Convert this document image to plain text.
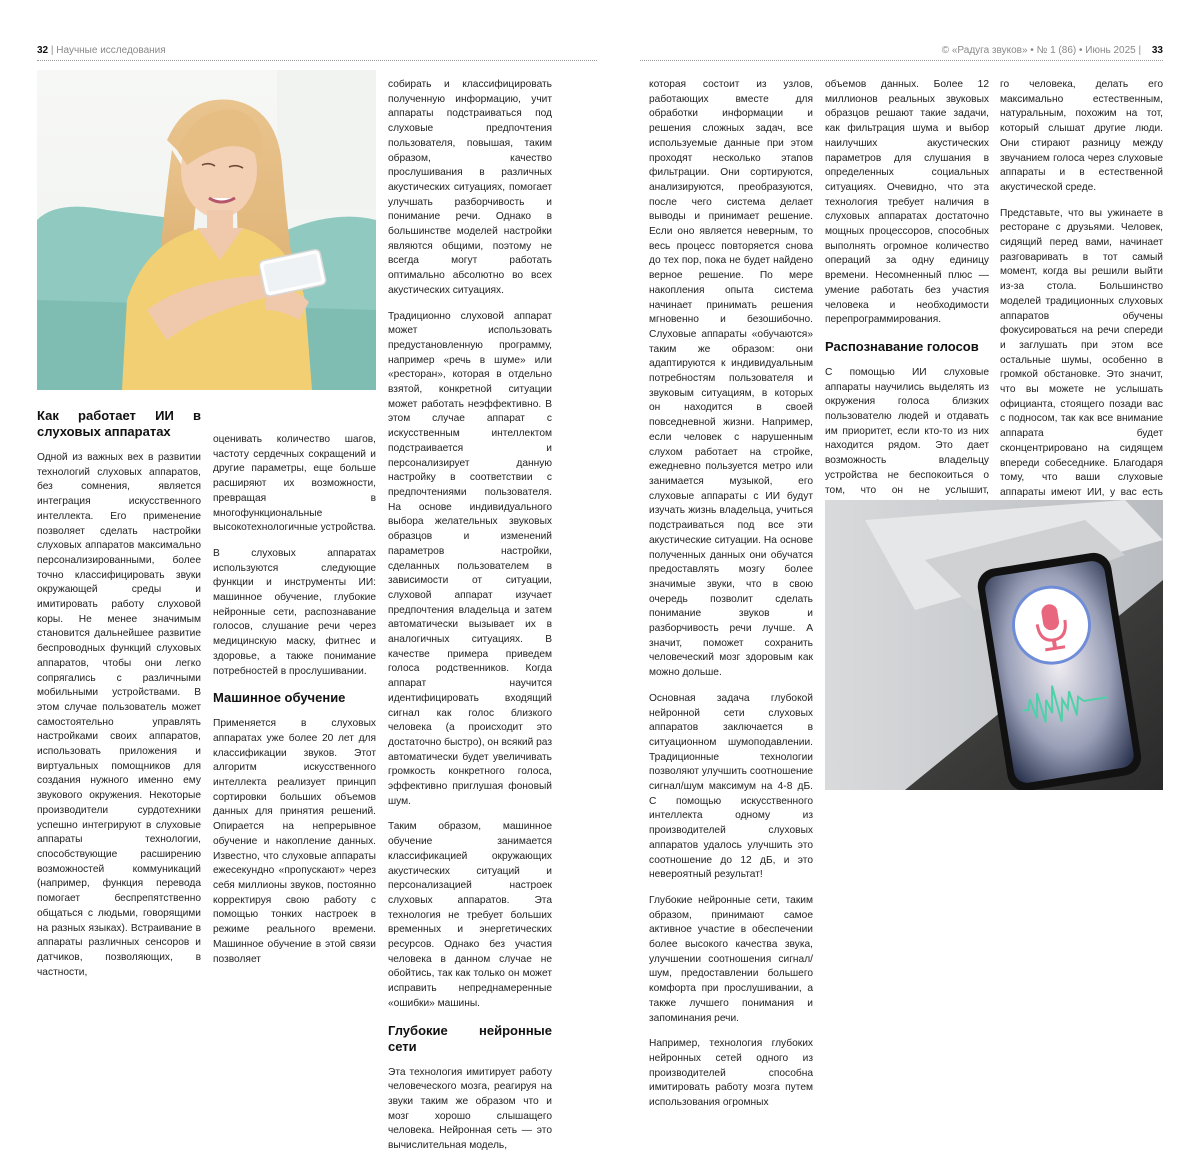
32 | Научные исследования	© «Радуга звуков» • № 1 (86) • Июнь 2025 | 33
Как работает ИИ в слуховых аппаратах

Одной из важных вех в развитии технологий слуховых аппаратов, без сомнения, является интеграция искусственного интеллекта. Его применение позволяет сделать настройки слуховых аппаратов максимально персонализированными, более точно классифицировать звуки окружающей среды и имитировать работу слуховой коры. Не менее значимым становится дальнейшее развитие беспроводных функций слуховых аппаратов, чтобы они легко сопрягались с различными мобильными устройствами. В этом случае пользователь может самостоятельно управлять настройками своих аппаратов, использовать приложения и виртуальных помощников для создания нужного именно ему звукового окружения. Некоторые производители сурдотехники успешно интегрируют в слуховые аппараты технологии, способствующие расширению возможностей коммуникаций (например, функция перевода помогает беспрепятственно общаться с людьми, говорящими на разных языках). Встраивание в аппараты различных сенсоров и датчиков, позволяющих, в частности,

оценивать количество шагов, частоту сердечных сокращений и другие параметры, еще больше расширяют их возможности, превращая в многофункциональные высокотехнологичные устройства.

В слуховых аппаратах используются следующие функции и инструменты ИИ: машинное обучение, глубокие нейронные сети, распознавание голосов, слушание речи через медицинскую маску, фитнес и здоровье, а также понимание потребностей в прослушивании.

Машинное обучение

Применяется в слуховых аппаратах уже более 20 лет для классификации звуков. Этот алгоритм искусственного интеллекта реализует принцип сортировки больших объемов данных для принятия решений. Опирается на непрерывное обучение и накопление данных. Известно, что слуховые аппараты ежесекундно «пропускают» через себя миллионы звуков, постоянно корректируя свою работу с помощью тонких настроек в режиме реального времени. Машинное обучение в этой связи позволяет

собирать и классифицировать полученную информацию, учит аппараты подстраиваться под слуховые предпочтения пользователя, повышая, таким образом, качество прослушивания в различных акустических ситуациях, помогает улучшать разборчивость и понимание речи. Однако в большинстве моделей настройки являются общими, поэтому не всегда могут работать оптимально абсолютно во всех акустических ситуациях.

Традиционно слуховой аппарат может использовать предустановленную программу, например «речь в шуме» или «ресторан», которая в отдельно взятой, конкретной ситуации может работать неэффективно. В этом случае аппарат с искусственным интеллектом подстраивается и персонализирует данную настройку в соответствии с предпочтениями пользователя. На основе индивидуального выбора желательных звуковых образцов и изменений параметров настройки, сделанных пользователем в зависимости от ситуации, слуховой аппарат изучает предпочтения владельца и затем автоматически вызывает их в аналогичных ситуациях. В качестве примера приведем голоса родственников. Когда аппарат научится идентифицировать входящий сигнал как голос близкого человека (а происходит это достаточно быстро), он всякий раз автоматически будет увеличивать громкость конкретного голоса, эффективно приглушая фоновый шум.

Таким образом, машинное обучение занимается классификацией окружающих акустических ситуаций и персонализацией настроек слуховых аппаратов. Эта технология не требует больших временных и энергетических ресурсов. Однако без участия человека в данном случае не обойтись, так как только он может исправить непреднамеренные «ошибки» машины.

Глубокие нейронные сети

Эта технология имитирует работу человеческого мозга, реагируя на звуки таким же образом что и мозг хорошо слышащего человека. Нейронная сеть — это вычислительная модель,

которая состоит из узлов, работающих вместе для обработки информации и решения сложных задач, все используемые данные при этом проходят несколько этапов фильтрации. Они сортируются, анализируются, преобразуются, после чего система делает выводы и принимает решение. Если оно является неверным, то весь процесс повторяется снова до тех пор, пока не будет найдено верное решение. По мере накопления опыта система начинает принимать решения мгновенно и безошибочно. Слуховые аппараты «обучаются» таким же образом: они адаптируются к индивидуальным потребностям пользователя и звуковым ситуациям, в которых он находится в своей повседневной жизни. Например, если человек с нарушенным слухом работает на стройке, ежедневно пользуется метро или занимается музыкой, его слуховые аппараты с ИИ будут изучать жизнь владельца, учиться подстраиваться под все эти акустические ситуации. На основе полученных данных они обучатся предоставлять мозгу более значимые звуки, что в свою очередь позволит сделать понимание звуков и разборчивость речи лучше. А значит, поможет сохранить человеческий мозг здоровым как можно дольше.

Основная задача глубокой нейронной сети слуховых аппаратов заключается в ситуационном шумоподавлении. Традиционные технологии позволяют улучшить соотношение сигнал/шум максимум на 4-8 дБ. С помощью искусственного интеллекта одному из производителей слуховых аппаратов удалось улучшить это соотношение до 12 дБ, и это невероятный результат!

Глубокие нейронные сети, таким образом, принимают самое активное участие в обеспечении более высокого качества звука, улучшении соотношения сигнал/шум, предоставлении большего комфорта при прослушивании, а также лучшего понимания и запоминания речи.

Например, технология глубоких нейронных сетей одного из производителей способна имитировать работу мозга путем использования огромных

объемов данных. Более 12 миллионов реальных звуковых образцов решают такие задачи, как фильтрация шума и выбор наилучших акустических параметров для слушания в определенных социальных ситуациях. Очевидно, что эта технология требует наличия в слуховых аппаратах достаточно мощных процессоров, способных выполнять огромное количество операций за одну единицу времени. Несомненный плюс — умение работать без участия человека и необходимости перепрограммирования.

Распознавание голосов

С помощью ИИ слуховые аппараты научились выделять из окружения голоса близких пользователю людей и отдавать им приоритет, если кто-то из них находится рядом. Это дает возможность владельцу устройства не беспокоиться о том, что он не услышит,

го человека, делать его максимально естественным, натуральным, похожим на тот, который слышат другие люди. Они стирают разницу между звучанием голоса через слуховые аппараты и в естественной акустической среде.

Представьте, что вы ужинаете в ресторане с друзьями. Человек, сидящий перед вами, начинает разговаривать в тот самый момент, когда вы решили выйти из-за стола. Большинство моделей традиционных слуховых аппаратов обучены фокусироваться на речи спереди и заглушать при этом все остальные шумы, особенно в громкой обстановке. Это значит, что вы можете не услышать официанта, стоящего позади вас с подносом, так как все внимание аппарата будет сконцентрировано на сидящем впереди собеседнике. Благодаря тому, что ваши слуховые аппараты имеют ИИ, у вас есть
